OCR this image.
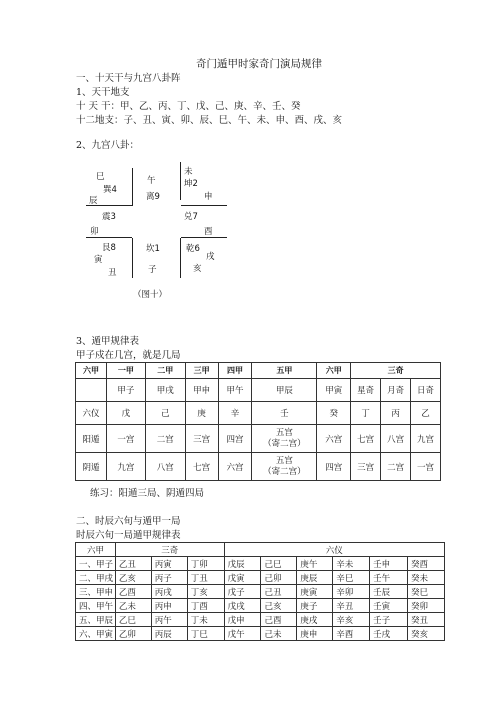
奇门遁甲时家奇门演局规律
一、十天干与九宫八卦阵
1、天干地支
十 天 干：甲、乙、丙、丁、戊、己、庚、辛、壬、癸
十二地支：子、丑、寅、卯、辰、巳、午、未、申、酉、戌、亥
2、九宫八卦：
巳
巽4
辰
午
离9
未
坤2
申
震3
卯
兑7
酉
艮8
寅
丑
坎1
子
乾6
戌
亥
（图十）
3、遁甲规律表
甲子戍在几宫，就是几局
六甲	一甲	二甲	三甲	四甲	五甲	六甲	三奇		
	甲子	甲戌	甲申	甲午	甲辰	甲寅	星奇	月奇	日奇
六仪	戊	己	庚	辛	壬	癸	丁	丙	乙
阳遁	一宫	二宫	三宫	四宫	五宫
（寄二宫）	六宫	七宫	八宫	九宫
阴遁	九宫	八宫	七宫	六宫	五宫
（寄二宫）	四宫	三宫	二宫	一宫
练习：阳遁三局、阴遁四局
二、时辰六旬与遁甲一局
时辰六旬一局遁甲规律表
六甲	三奇			六仪					
一、甲子	乙丑	丙寅	丁卯	戊辰	己巳	庚午	辛未	壬申	癸酉
二、甲戌	乙亥	丙子	丁丑	戊寅	己卯	庚辰	辛巳	壬午	癸未
三、甲申	乙酉	丙戌	丁亥	戊子	己丑	庚寅	辛卯	壬辰	癸巳
四、甲午	乙未	丙申	丁酉	戊戌	己亥	庚子	辛丑	壬寅	癸卯
五、甲辰	乙巳	丙午	丁未	戊申	己酉	庚戌	辛亥	壬子	癸丑
六、甲寅	乙卯	丙辰	丁巳	戊午	己未	庚申	辛酉	壬戌	癸亥
